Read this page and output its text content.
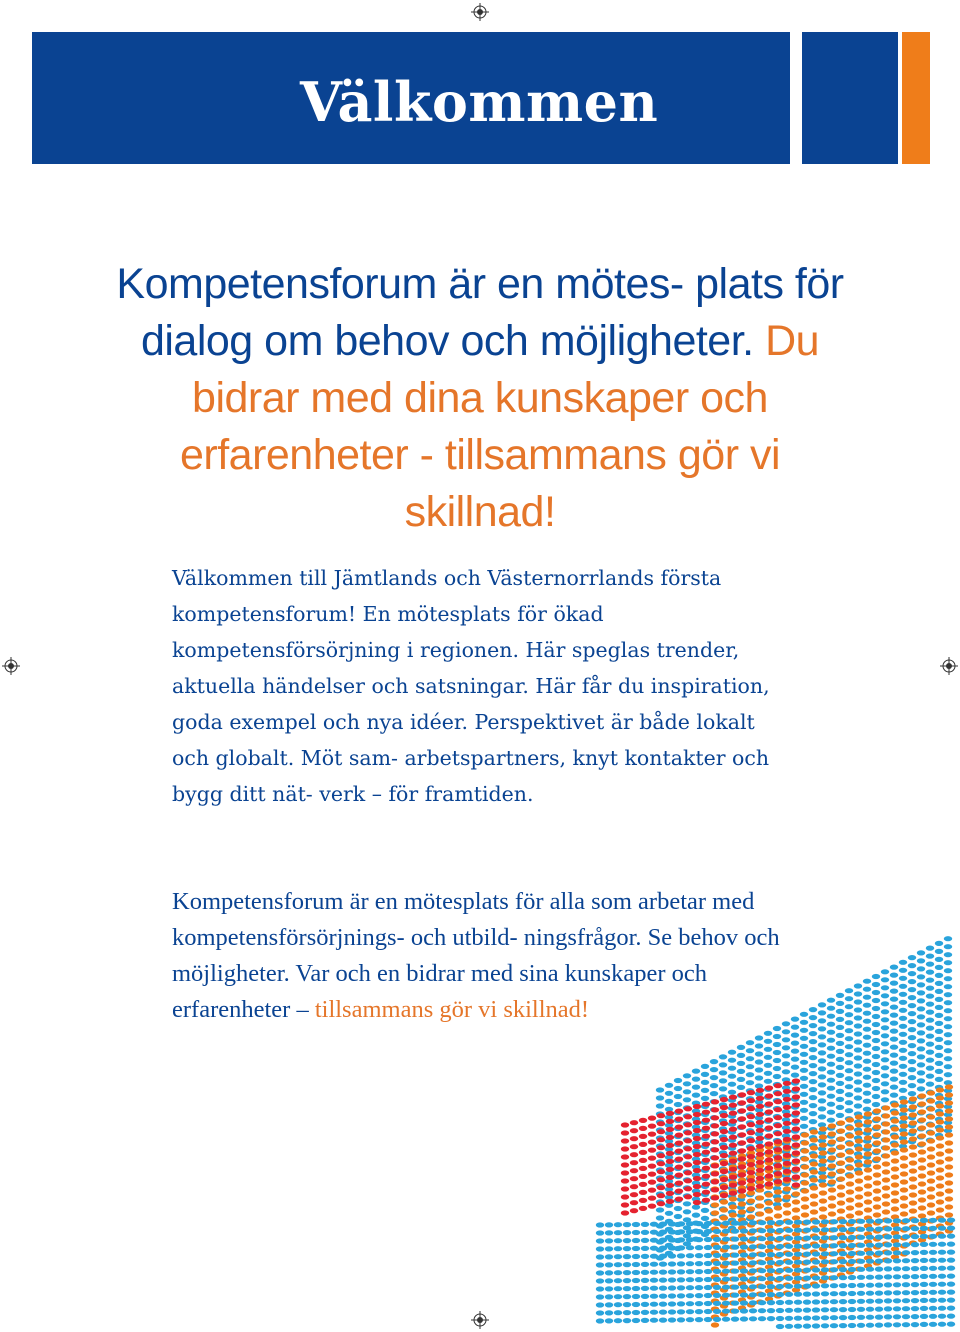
Välkommen

Kompetensforum är en mötes- plats för dialog om behov och möjligheter. Du bidrar med dina kunskaper och erfarenheter - tillsammans gör vi skillnad!

Välkommen till Jämtlands och Västernorrlands första kompetensforum! En mötesplats för ökad kompetensförsörjning i regionen. Här speglas trender, aktuella händelser och satsningar. Här får du inspiration, goda exempel och nya idéer. Perspektivet är både lokalt och globalt. Möt sam- arbetspartners, knyt kontakter och bygg ditt nät- verk – för framtiden.

Kompetensforum är en mötesplats för alla som arbetar med kompetensförsörjnings- och utbild- ningsfrågor. Se behov och möjligheter. Var och en bidrar med sina kunskaper och erfarenheter – tillsammans gör vi skillnad!
